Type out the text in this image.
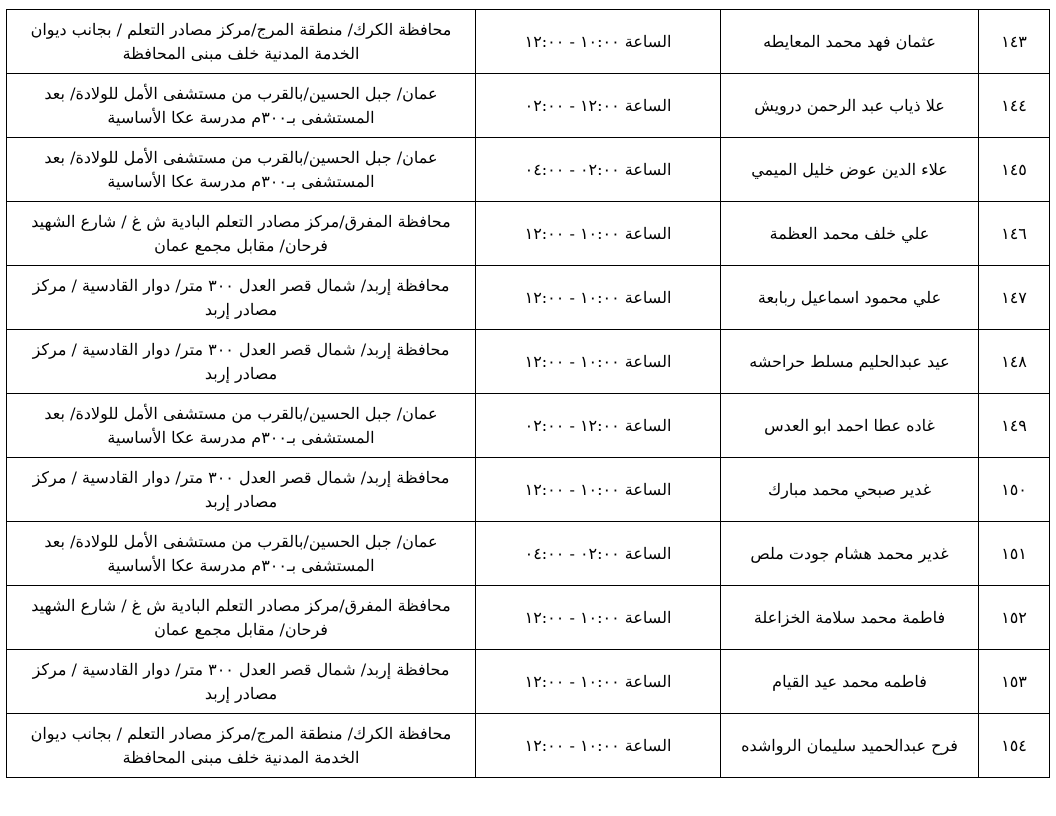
١٤٣	عثمان فهد محمد المعايطه	الساعة ١٠:٠٠ - ١٢:٠٠	محافظة الكرك/ منطقة المرج/مركز مصادر التعلم / بجانب ديوان الخدمة المدنية خلف مبنى المحافظة
١٤٤	علا ذياب عبد الرحمن درويش	الساعة ١٢:٠٠ - ٠٢:٠٠	عمان/ جبل الحسين/بالقرب من مستشفى الأمل للولادة/ بعد المستشفى بـ٣٠٠م مدرسة عكا الأساسية
١٤٥	علاء الدين عوض خليل الميمي	الساعة ٠٢:٠٠ - ٠٤:٠٠	عمان/ جبل الحسين/بالقرب من مستشفى الأمل للولادة/ بعد المستشفى بـ٣٠٠م مدرسة عكا الأساسية
١٤٦	علي خلف محمد العظمة	الساعة ١٠:٠٠ - ١٢:٠٠	محافظة المفرق/مركز مصادر التعلم البادية ش غ / شارع الشهيد فرحان/ مقابل مجمع عمان
١٤٧	علي محمود اسماعيل ربابعة	الساعة ١٠:٠٠ - ١٢:٠٠	محافظة إربد/ شمال قصر العدل ٣٠٠ متر/ دوار القادسية / مركز مصادر إربد
١٤٨	عيد عبدالحليم مسلط حراحشه	الساعة ١٠:٠٠ - ١٢:٠٠	محافظة إربد/ شمال قصر العدل ٣٠٠ متر/ دوار القادسية / مركز مصادر إربد
١٤٩	غاده عطا احمد ابو العدس	الساعة ١٢:٠٠ - ٠٢:٠٠	عمان/ جبل الحسين/بالقرب من مستشفى الأمل للولادة/ بعد المستشفى بـ٣٠٠م مدرسة عكا الأساسية
١٥٠	غدير صبحي محمد مبارك	الساعة ١٠:٠٠ - ١٢:٠٠	محافظة إربد/ شمال قصر العدل ٣٠٠ متر/ دوار القادسية / مركز مصادر إربد
١٥١	غدير محمد هشام جودت ملص	الساعة ٠٢:٠٠ - ٠٤:٠٠	عمان/ جبل الحسين/بالقرب من مستشفى الأمل للولادة/ بعد المستشفى بـ٣٠٠م مدرسة عكا الأساسية
١٥٢	فاطمة محمد سلامة الخزاعلة	الساعة ١٠:٠٠ - ١٢:٠٠	محافظة المفرق/مركز مصادر التعلم البادية ش غ / شارع الشهيد فرحان/ مقابل مجمع عمان
١٥٣	فاطمه محمد عيد القيام	الساعة ١٠:٠٠ - ١٢:٠٠	محافظة إربد/ شمال قصر العدل ٣٠٠ متر/ دوار القادسية / مركز مصادر إربد
١٥٤	فرح عبدالحميد سليمان الرواشده	الساعة ١٠:٠٠ - ١٢:٠٠	محافظة الكرك/ منطقة المرج/مركز مصادر التعلم / بجانب ديوان الخدمة المدنية خلف مبنى المحافظة
